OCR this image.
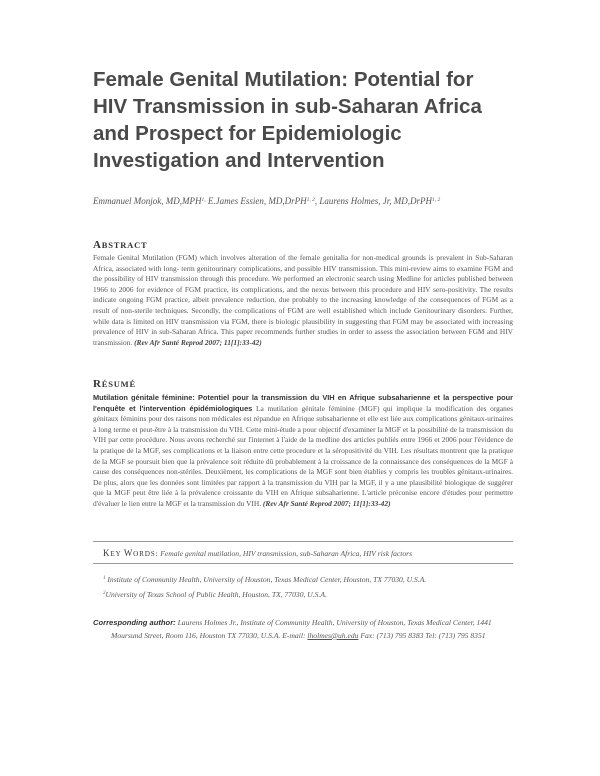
Female Genital Mutilation: Potential for
HIV Transmission in sub-Saharan Africa
and Prospect for Epidemiologic
Investigation and Intervention
Emmanuel Monjok, $MD,MPH^{1,}$ E.James Essien, MD,DrPH$^{1, 2}$, Laurens Holmes, Jr, MD,DrPH$^{1, 2}$
ABSTRACT

Female Genital Mutilation (FGM) which involves alteration of the female genitalia for non-medical grounds is prevalent in Sub-Saharan Africa, associated with long- term genitourinary complications, and possible HIV transmission. This mini-review aims to examine FGM and the possibility of HIV transmission through this procedure. We performed an electronic search using Medline for articles published between 1966 to 2006 for evidence of FGM practice, its complications, and the nexus between this procedure and HIV sero-positivity. The results indicate ongoing FGM practice, albeit prevalence reduction, due probably to the increasing knowledge of the consequences of FGM as a result of non-sterile techniques. Secondly, the complications of FGM are well established which include Genitourinary disorders. Further, while data is limited on HIV transmission via FGM, there is biologic plausibility in suggesting that FGM may be associated with increasing prevalence of HIV in sub-Saharan Africa. This paper recommends further studies in order to assess the association between FGM and HIV transmission. (Rev Afr Santé Reprod 2007; 11[1]:33-42)

RÉSUMÉ

Mutilation génitale féminine: Potentiel pour la transmission du VIH en Afrique subsaharienne et la perspective pour l'enquête et l'intervention épidémiologiques La mutilation génitale féminine (MGF) qui implique la modification des organes génitaux féminins pour des raisons non médicales est répandue en Afrique subsaharienne et elle est liée aux complications génitaux-urinaires à long terme et peut-être à la transmission du VIH. Cette mini-étude a pour objectif d'examiner la MGF et la possibilité de la transmission du VIH par cette procédure. Nous avons recherché sur l'internet à l'aide de la medline des articles publiés entre 1966 et 2006 pour l'évidence de la pratique de la MGF, ses complications et la liaison entre cette procedure et la séropositivité du VIH. Les résultats montrent que la pratique de la MGF se poursuit bien que la prévalence soit réduite dû probablement à la croissance de la connaissance des conséquences de la MGF à cause des conséquences non-stériles. Deuxièment, les complications de la MGF sont bien établies y compris les troubles génitaux-urinaires. De plus, alors que les données sont limitées par rapport à la transmission du VIH par la MGF, il y a une plausibilité biologique de suggérer que la MGF peut être liée à la prévalence croissante du VIH en Afrique subsaharienne. L'article préconise encore d'études pour permettre d'évaluer le lien entre la MGF et la transmission du VIH. (Rev Afr Santé Reprod 2007; 11[1]:33-42)

KEY WORDS: Female genital mutilation, HIV transmission, sub-Saharan Africa, HIV risk factors

$^1$ Institute of Community Health, University of Houston, Texas Medical Center, Houston, TX 77030, U.S.A.
$^2$University of Texas School of Public Health, Houston, TX, 77030, U.S.A.

Corresponding author: Laurens Holmes Jr., Institute of Community Health, University of Houston, Texas Medical Center, 1441 Moursund Street, Room 116, Houston TX 77030, U.S.A. E-mail: lholmes@uh.edu Fax: (713) 795 8383 Tel: (713) 795 8351
